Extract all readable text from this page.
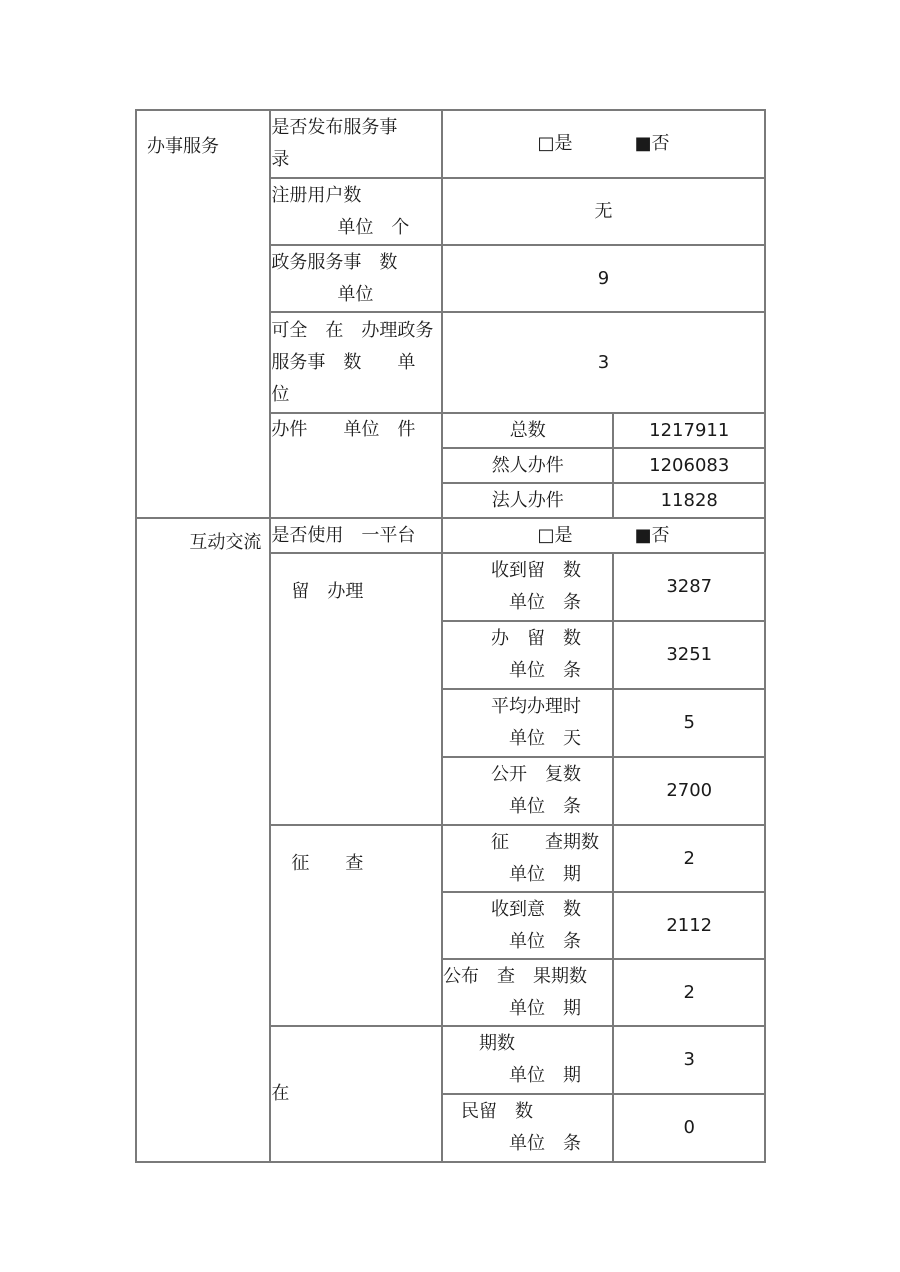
办事服务	是否发布服务事
录	□是 ■否	

	注册用户数
单位　个	无	

	政务服务事　数
单位	9	

	可全　在　办理政务
服务事　数　　单
位	3	
	办件　　单位　件	总数	1217911
		然人办件	1206083
		法人办件	11828
互动交流	是否使用　一平台	□是 ■否	
	留　办理	收到留　数
单位　条	3287

		办　留　数
单位　条	3251

		平均办理时
单位　天	5

		公开　复数
单位　条	2700
	征　　查	征　　查期数
单位　期	2

		收到意　数
单位　条	2112

		公布　查　果期数
单位　期	2
	在	期数
单位　期	3

		民留　数
单位　条	0
